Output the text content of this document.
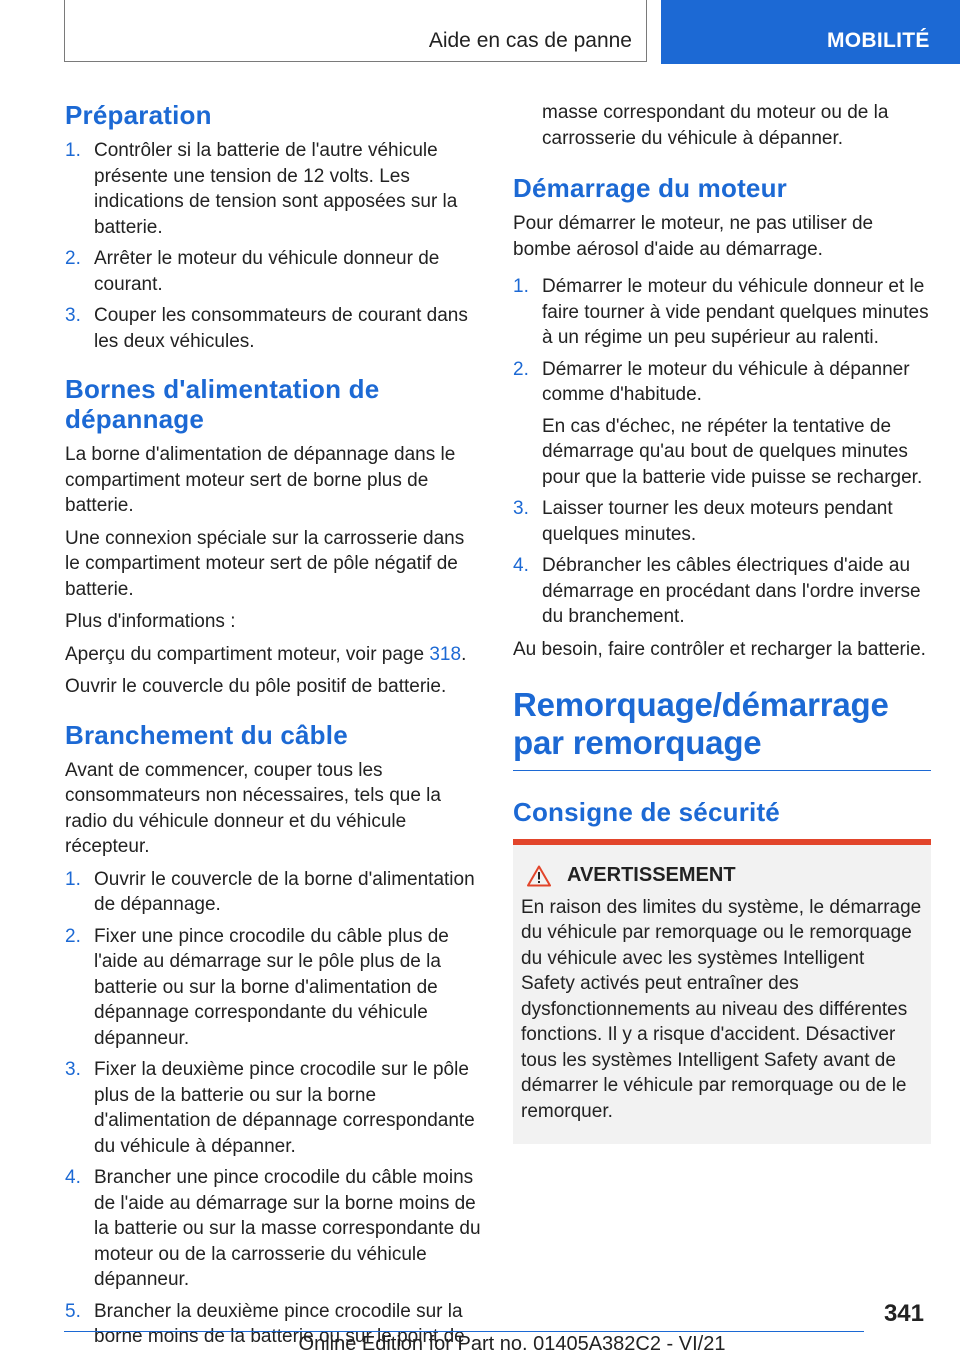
Aide en cas de panne	MOBILITÉ
Préparation
1. Contrôler si la batterie de l'autre véhicule présente une tension de 12 volts. Les indications de tension sont apposées sur la batterie.
2. Arrêter le moteur du véhicule donneur de courant.
3. Couper les consommateurs de courant dans les deux véhicules.
Bornes d'alimentation de dépannage

La borne d'alimentation de dépannage dans le compartiment moteur sert de borne plus de batterie.

Une connexion spéciale sur la carrosserie dans le compartiment moteur sert de pôle négatif de batterie.

Plus d'informations :

Aperçu du compartiment moteur, voir page 318.

Ouvrir le couvercle du pôle positif de batterie.

Branchement du câble

Avant de commencer, couper tous les consommateurs non nécessaires, tels que la radio du véhicule donneur et du véhicule récepteur.

1. Ouvrir le couvercle de la borne d'alimentation de dépannage.
2. Fixer une pince crocodile du câble plus de l'aide au démarrage sur le pôle plus de la batterie ou sur la borne d'alimentation de dépannage correspondante du véhicule dépanneur.
3. Fixer la deuxième pince crocodile sur le pôle plus de la batterie ou sur la borne d'alimentation de dépannage correspondante du véhicule à dépanner.
4. Brancher une pince crocodile du câble moins de l'aide au démarrage sur la borne moins de la batterie ou sur la masse correspondante du moteur ou de la carrosserie du véhicule dépanneur.
5. Brancher la deuxième pince crocodile sur la borne moins de la batterie ou sur le point de

masse correspondant du moteur ou de la carrosserie du véhicule à dépanner.

Démarrage du moteur

Pour démarrer le moteur, ne pas utiliser de bombe aérosol d'aide au démarrage.

1. Démarrer le moteur du véhicule donneur et le faire tourner à vide pendant quelques minutes à un régime un peu supérieur au ralenti.
2. Démarrer le moteur du véhicule à dépanner comme d'habitude.
En cas d'échec, ne répéter la tentative de démarrage qu'au bout de quelques minutes pour que la batterie vide puisse se recharger.
3. Laisser tourner les deux moteurs pendant quelques minutes.
4. Débrancher les câbles électriques d'aide au démarrage en procédant dans l'ordre inverse du branchement.

Au besoin, faire contrôler et recharger la batterie.

Remorquage/démarrage par remorquage
Consigne de sécurité
AVERTISSEMENT
En raison des limites du système, le démarrage du véhicule par remorquage ou le remorquage du véhicule avec les systèmes Intelligent Safety activés peut entraîner des dysfonctionnements au niveau des différentes fonctions. Il y a risque d'accident. Désactiver tous les systèmes Intelligent Safety avant de démarrer le véhicule par remorquage ou de le remorquer.
341
Online Edition for Part no. 01405A382C2 - VI/21
